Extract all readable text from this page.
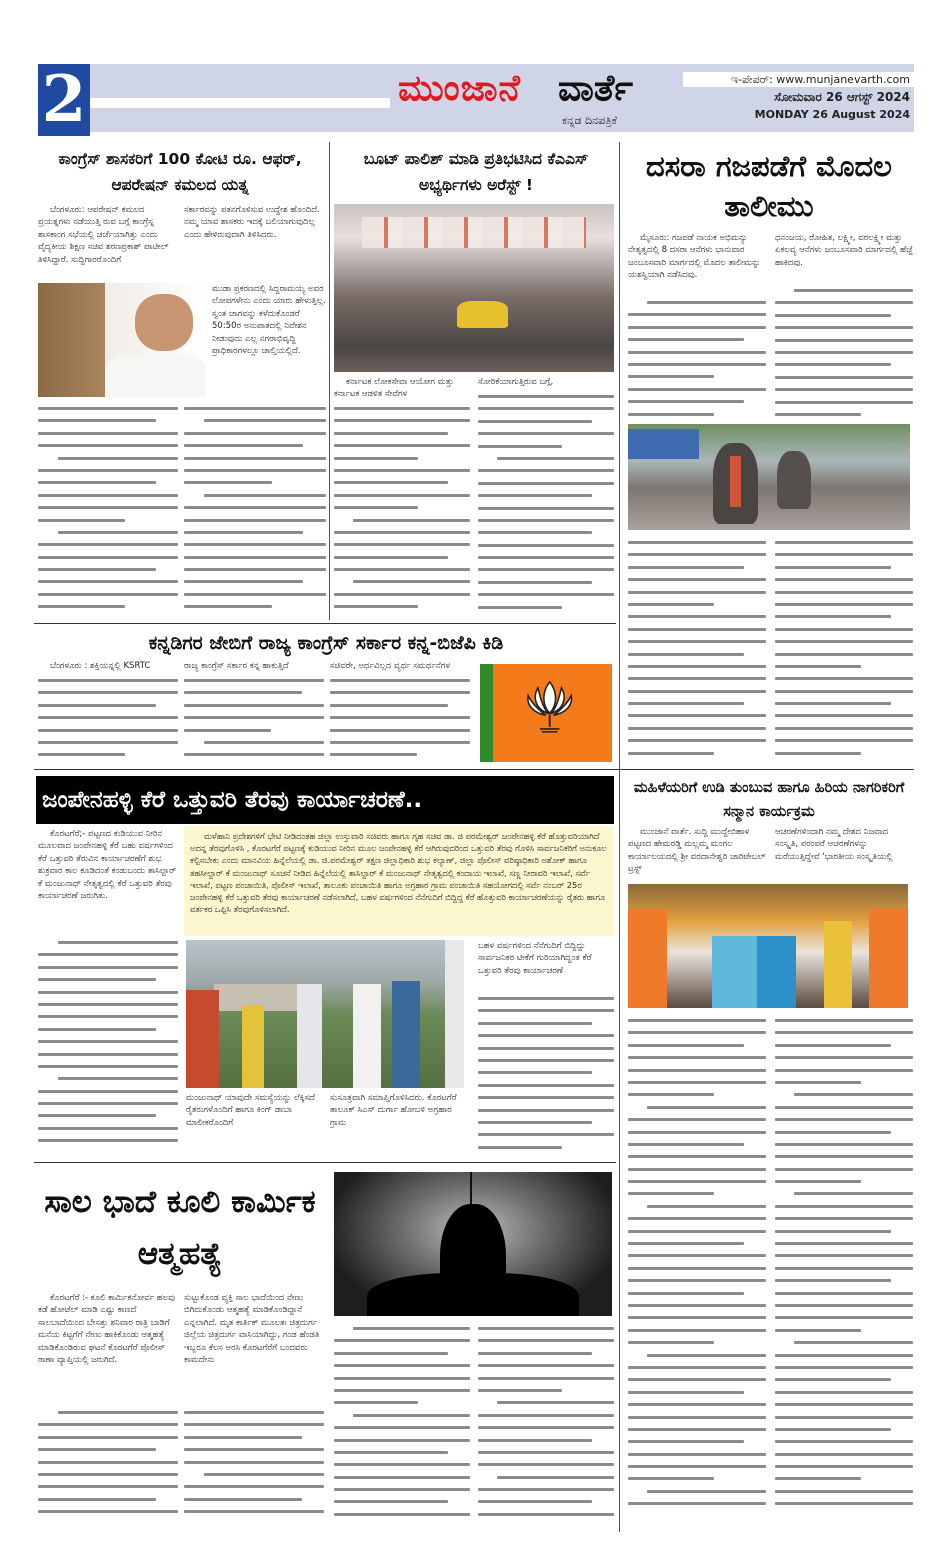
2	ಮುಂಜಾನೆ ವಾರ್ತೆ
ಕನ್ನಡ ದಿನಪತ್ರಿಕೆ
ಇ-ಪೇಪರ್: www.munjanevarth.com
ಸೋಮವಾರ 26 ಆಗಸ್ಟ್ 2024
MONDAY 26 August 2024
ಕಾಂಗ್ರೆಸ್ ಶಾಸಕರಿಗೆ 100 ಕೋಟಿ ರೂ. ಆಫರ್, ಆಪರೇಷನ್ ಕಮಲದ ಯತ್ನ
ಬೆಂಗಳೂರು: ಆಪರೇಷನ್ ಕಮಲದ ಪ್ರಯತ್ನಗಳು ನಡೆಯುತ್ತಿ ರುವ ಬಗ್ಗೆ ಕಾಂಗ್ರೆಸ್ನ ಶಾಸಕಾಂಗ ಸಭೆಯಲ್ಲಿ ಚರ್ಚೆಯಾಗಿತ್ತು ಎಂದು ವೈದ್ಯಕೀಯ ಶಿಕ್ಷಣ ಸಚಿವ ಶರಣಪ್ರಕಾಶ್ ಪಾಟೀಲ್ ತಿಳಿಸಿದ್ದಾರೆ. ಸುದ್ದಿಗಾರರೊಂದಿಗೆ
ಸರ್ಕಾರವನ್ನು ಪತನಗೊಳಿಸುವ ಉದ್ದೇಶ ಹೊಂದಿದೆ. ನಮ್ಮ ಯಾವ ಶಾಸಕರು ಇದಕ್ಕೆ ಬಲಿಯಾಗುವುದಿಲ್ಲ ಎಂದು ಹೇಳಿರುವುದಾಗಿ ತಿಳಿಸಿದರು.
ಮುಡಾ ಪ್ರಕರಣದಲ್ಲಿ ಸಿದ್ದರಾಮಯ್ಯ ಅವರ ಲೋಪಗಳೇನು ಎಂದು ಯಾರು ಹೇಳುತ್ತಿಲ್ಲ. ಸ್ವಂತ ಜಾಗವನ್ನು ಕಳೆದುಕೊಂಡರೆ 50:50ರ ಅನುಪಾತದಲ್ಲಿ ನಿವೇಶನ ನೀಡುವುದು ಎಲ್ಲ ನಗರಾಭಿವೃದ್ಧಿ ಪ್ರಾಧಿಕಾರಗಳಲ್ಲೂ ಚಾಲ್ತಿಯಲ್ಲಿದೆ.
ಬೂಟ್ ಪಾಲಿಶ್ ಮಾಡಿ ಪ್ರತಿಭಟಿಸಿದ ಕೆಎಎಸ್ ಅಭ್ಯರ್ಥಿಗಳು ಅರೆಸ್ಟ್ !
ಕರ್ನಾಟಕ ಲೋಕಸೇವಾ ಆಯೋಗ ಮತ್ತು ಕರ್ನಾಟಕ ಆಡಳಿತ ಸೇವೆಗಳ
ಸೋರಿಕೆಯಾಗುತ್ತಿರುವ ಬಗ್ಗೆ,
ದಸರಾ ಗಜಪಡೆಗೆ ಮೊದಲ ತಾಲೀಮು
ಮೈಸೂರು: ಗಜಪಡೆ ನಾಯಕ ಅಭಿಮನ್ಯು ನೇತೃತ್ವದಲ್ಲಿ 8 ದಸರಾ ಆನೆಗಳು ಭಾನುವಾರ ಜಂಬೂಸವಾರಿ ಮಾರ್ಗದಲ್ಲಿ ಮೊದಲ ತಾಲೀಮನ್ನು ಯಶಸ್ವಿಯಾಗಿ ನಡೆಸಿದವು.
ಧನಂಜಯ, ರೋಹಿತ, ಲಕ್ಷ್ಮೀ, ವರಲಕ್ಷ್ಮೀ ಮತ್ತು ಏಕಲವ್ಯ ಆನೆಗಳು ಜಂಬೂಸವಾರಿ ಮಾರ್ಗದಲ್ಲಿ ಹೆಜ್ಜೆ ಹಾಕಿದವು.
ಕನ್ನಡಿಗರ ಜೇಬಿಗೆ ರಾಜ್ಯ ಕಾಂಗ್ರೆಸ್ ಸರ್ಕಾರ ಕನ್ನ-ಬಿಜೆಪಿ ಕಿಡಿ
ಬೆಂಗಳೂರು : ಶಕ್ತಿಯನ್ನಲ್ಲಿ KSRTC	ರಾಜ್ಯ ಕಾಂಗ್ರೆಸ್ ಸರ್ಕಾರ ಕನ್ನ ಹಾಕುತ್ತಿದೆ	ಸಚಿವರೇ, ಅರ್ಥವಿಲ್ಲದ ವ್ಯರ್ಥ ಸಮರ್ಥನೆಗಳ
ಜಂಪೇನಹಳ್ಳಿ ಕೆರೆ ಒತ್ತುವರಿ ತೆರವು ಕಾರ್ಯಾಚರಣೆ..
ಕೊರಟಗೆರೆ;- ಪಟ್ಟಣದ ಕುಡಿಯುವ ನೀರಿನ ಮೂಲವಾದ ಜಂಪೇನಹಳ್ಳಿ ಕೆರೆ ಬಹು ವರ್ಷಗಳಿಂದ ಕೆರೆ ಒತ್ತುವರಿ ತೆರುವಿನ ಕಾರ್ಯಾಚರಣೆಗೆ ಶುಭ ಶುಕ್ರವಾರ ಕಾಲ ಕೂಡಿದಂತೆ ಕಂಡುಬಂದು ತಾಸಿಲ್ದಾರ್ ಕೆ ಮಂಜುನಾಥ್ ನೇತೃತ್ವದಲ್ಲಿ ಕೆರೆ ಒತ್ತುವರಿ ತೆರವು ಕಾರ್ಯಾಚರಣೆ ಜರುಗಿತು.
ಮಳೆಹಾನಿ ಪ್ರದೇಶಗಳಿಗೆ ಭೇಟಿ ನೀಡಿದಂತಹ ಜಿಲ್ಲಾ ಉಸ್ತುವಾರಿ ಸಚಿವರು ಹಾಗೂ ಗೃಹ ಸಚಿವ ಡಾ. ಜಿ ಪರಮೇಶ್ವರ್ ಜಂಪೇನಹಳ್ಳಿ ಕೆರೆ ಹೊತ್ತುವರಿಯಾಗಿದೆ ಅದನ್ನ ತೆರವುಗೊಳಿಸಿ , ಕೊರಟಗೆರೆ ಪಟ್ಟಣಕ್ಕೆ ಕುಡಿಯುವ ನೀರಿನ ಮೂಲ ಜಂಪೇನಹಳ್ಳಿ ಕೆರೆ ಆಗಿರುವುದರಿಂದ ಒತ್ತುವರಿ ತೆರವು ಗೊಳಿಸಿ ಸಾರ್ವಜನಿಕರಿಗೆ ಅನುಕೂಲ ಕಲ್ಪಿಸಬೇಕು ಎಂದು ಮಾನವಿಯ ಹಿನ್ನೆಲೆಯಲ್ಲಿ ಡಾ. ಜಿ.ಪರಮೇಶ್ವರ್ ತಕ್ಷಣ ಜಿಲ್ಲಾಧಿಕಾರಿ ಶುಭ ಕಲ್ಯಾಣ್, ಜಿಲ್ಲಾ ಪೊಲೀಸ್ ವರಿಷ್ಠಾಧಿಕಾರಿ ಅಶೋಕ್ ಹಾಗೂ ತಹಸೀಲ್ದಾರ್ ಕೆ ಮಂಜುನಾಥ್ ಸೂಚನೆ ನೀಡಿದ ಹಿನ್ನೆಲೆಯಲ್ಲಿ ತಾಸಿಲ್ದಾರ್ ಕೆ ಮಂಜುನಾಥ್ ನೇತೃತ್ವದಲ್ಲಿ ಕಂದಾಯ ಇಲಾಖೆ, ಸಣ್ಣ ನೀರಾವರಿ ಇಲಾಖೆ, ಸರ್ವೆ ಇಲಾಖೆ, ಪಟ್ಟಣ ಪಂಚಾಯಿತಿ, ಪೊಲೀಸ್ ಇಲಾಖೆ, ತಾಲೂಕು ಪಂಚಾಯಿತಿ ಹಾಗೂ ಅಗ್ರಹಾರ ಗ್ರಾಮ ಪಂಚಾಯಿತಿ ಸಹಯೋಗದಲ್ಲಿ ಸರ್ವೆ ನಂಬರ್ 25ರ ಜಂಪೇನಹಳ್ಳಿ ಕೆರೆ ಒತ್ತುವರಿ ತೆರವು ಕಾರ್ಯಾಚರಣೆ ನಡೆಸಲಾಗಿದೆ, ಬಹಳ ವರ್ಷಗಳಿಂದ ನೆನೆಗುದಿಗೆ ಬಿದ್ದಿದ್ದ ಕೆರೆ ಹೊತ್ತುವರಿ ಕಾರ್ಯಾಚರಣೆಯನ್ನು ರೈತರು ಹಾಗೂ ವರ್ತಕರ ಒಪ್ಪಿಸಿ ತೆರವುಗೊಳಿಸಲಾಗಿದೆ.
ಮಂಜುನಾಥ್ ಯಾವುದೇ ಸಮಸ್ಯೆಯನ್ನು ಲೆಕ್ಕಿಸದೆ ರೈತರುಗಳೊಂದಿಗೆ ಹಾಗೂ ಕಿಂಗ್ ಡಾಬಾ ಮಾಲೀಕರೊಂದಿಗೆ
ಸುಸೂತ್ರವಾಗಿ ಸಮಾಪ್ತಿಗೊಳಿಸಿದರು. ಕೊರಟಗೆರೆ ತಾಲೂಕ್ ಸಿಎಸ್ ದುರ್ಗಾ ಹೋಬಳಿ ಅಗ್ರಹಾರ ಗ್ರಾಮ
ಬಹಳ ವರ್ಷಗಳಿಂದ ನೆನೆಗುದಿಗೆ ಬಿದ್ದಿದ್ದು ಸಾರ್ವಜನಿಕರ ಟೀಕೆಗೆ ಗುರಿಯಾಗಿದ್ದಂತ ಕೆರೆ ಒತ್ತುವರಿ ತೆರವು ಕಾರ್ಯಾಚರಣೆ
ಮಹಿಳೆಯರಿಗೆ ಉಡಿ ತುಂಬುವ ಹಾಗೂ ಹಿರಿಯ ನಾಗರಿಕರಿಗೆ ಸನ್ಮಾನ ಕಾರ್ಯಕ್ರಮ
ಮುಂಜಾನೆ ವಾರ್ತೆ. ಸುದ್ದಿ ಮುದ್ದೇಬಿಹಾಳ ಪಟ್ಟಣದ ಹೇಮರಡ್ಡಿ ಮಲ್ಲಮ್ಮ ಮಂಗಲ ಕಾರ್ಯಾಲಯದಲ್ಲಿ ಶ್ರೀ ವರದಾನೇಶ್ವರಿ ಚಾರಿಟೇಬಲ್ ಟ್ರಸ್ಟ್
ಆಚರಣೆಗಳಿಂದಾಗಿ ನಮ್ಮ ದೇಶದ ನಿಜವಾದ ಸಂಸ್ಕೃತಿ, ಪರಂಪರೆ ಆಚರಣೆಗಳನ್ನು ಮರೆಯುತ್ತಿದ್ದೇವೆ 'ಭಾರತೀಯ ಸಂಸ್ಕೃತಿಯಲ್ಲಿ
ಸಾಲ ಭಾದೆ ಕೂಲಿ ಕಾರ್ಮಿಕ ಆತ್ಮಹತ್ಯೆ
ಕೊರಟಗೆರೆ :- ಕೂಲಿ ಕಾರ್ಮಿಕನೋರ್ವ ಹಲವು ಕಡೆ ಹೋಟೆಲ್ ಮಾಡಿ ಎಷ್ಟು ಕಾಣದೆ ಸಾಲಬಾದೆಯಿಂದ ಬೇಸತ್ತು ಶನಿವಾರ ರಾತ್ರಿ ಬಾಡಿಗೆ ಮನೆಯ ಕಿಟ್ಟಗೆಗೆ ನೇಣು ಹಾಕಿಕೊಂಡು ಆತ್ಮಹತ್ಯೆ ಮಾಡಿಕೊಂಡಿರುವ ಘಟನೆ ಕೊರಟಗೆರೆ ಪೊಲೀಸ್ ಠಾಣಾ ವ್ಯಾಪ್ತಿಯಲ್ಲಿ ಜರುಗಿದೆ.
ಸುಟ್ಟುಕೊಂಡ ವ್ಯಕ್ತಿ ಸಾಲ ಭಾದೆಯಿಂದ ನೇಣು ಬಿಗಿದುಕೊಂಡು ಆತ್ಮಹತ್ಯೆ ಮಾಡಿಕೊಂಡಿದ್ದಾನೆ ಎನ್ನಲಾಗಿದೆ. ಮೃತ ಕಾರ್ತಿಕ್ ಮೂಲತಃ ಚಿತ್ರದುರ್ಗ ಜಿಲ್ಲೆಯ ಚಿತ್ರದುರ್ಗ ವಾಸಿಯಾಗಿದ್ದು, ಗಂಡ ಹೆಂಡತಿ ಇಬ್ಬರೂ ಕೆಲಸ ಅರಸಿ ಕೊರಟಗೆರೆಗೆ ಬಂದವರು ಕಾಮದೇನು
